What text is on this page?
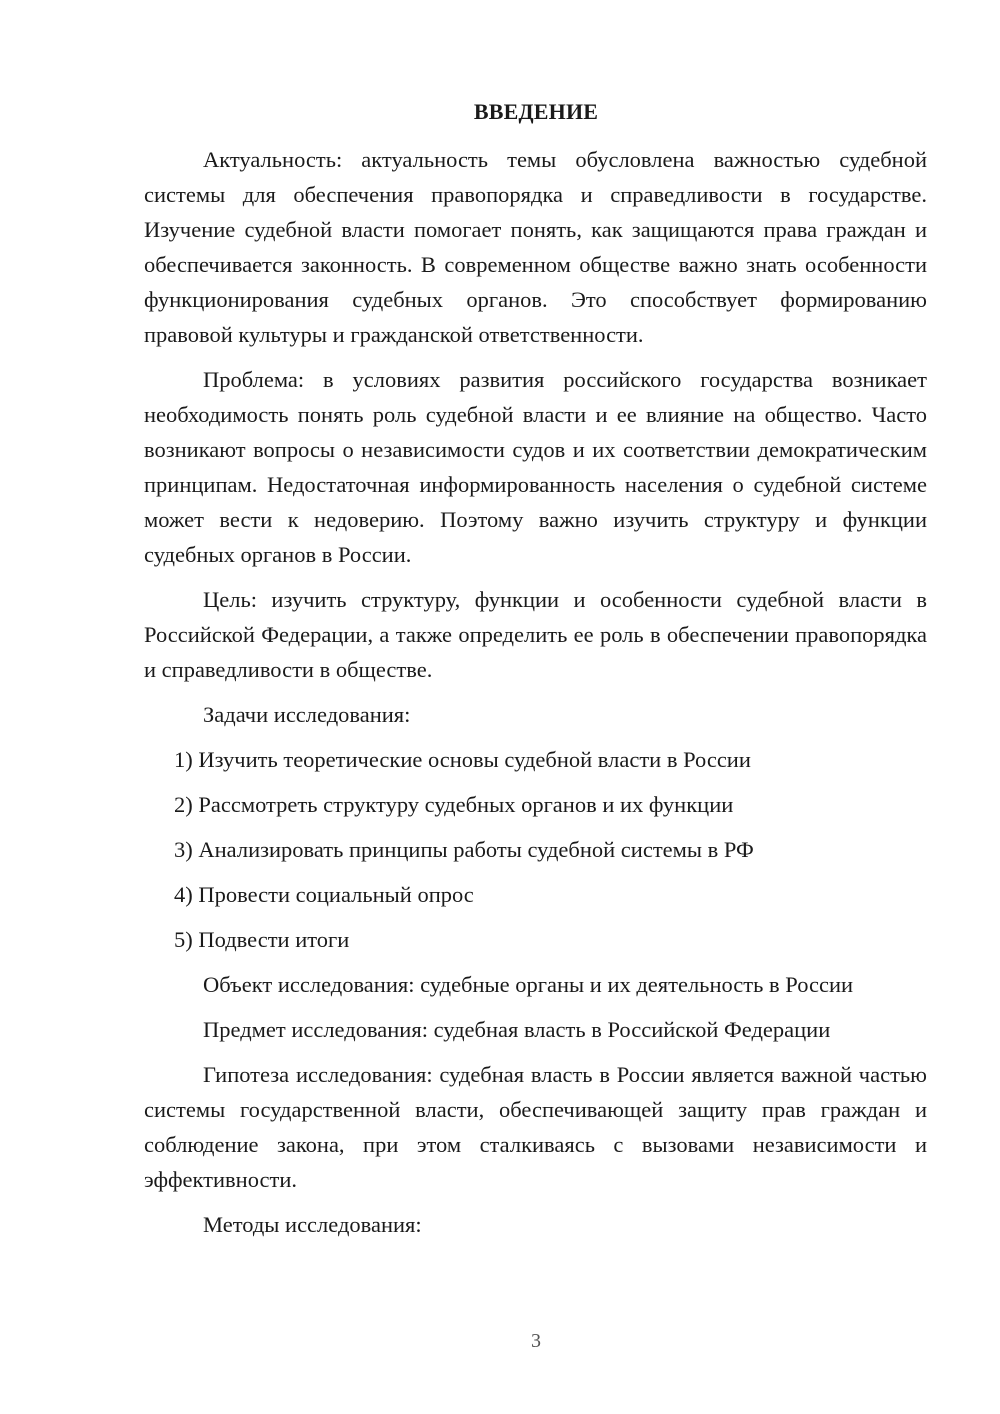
ВВЕДЕНИЕ

Актуальность: актуальность темы обусловлена важностью судебной системы для обеспечения правопорядка и справедливости в государстве. Изучение судебной власти помогает понять, как защищаются права граждан и обеспечивается законность. В современном обществе важно знать особенности функционирования судебных органов. Это способствует формированию правовой культуры и гражданской ответственности.

Проблема: в условиях развития российского государства возникает необходимость понять роль судебной власти и ее влияние на общество. Часто возникают вопросы о независимости судов и их соответствии демократическим принципам. Недостаточная информированность населения о судебной системе может вести к недоверию. Поэтому важно изучить структуру и функции судебных органов в России.

Цель: изучить структуру, функции и особенности судебной власти в Российской Федерации, а также определить ее роль в обеспечении правопорядка и справедливости в обществе.

Задачи исследования:

1) Изучить теоретические основы судебной власти в России

2) Рассмотреть структуру судебных органов и их функции

3) Анализировать принципы работы судебной системы в РФ

4) Провести социальный опрос

5) Подвести итоги

Объект исследования: судебные органы и их деятельность в России

Предмет исследования: судебная власть в Российской Федерации

Гипотеза исследования: судебная власть в России является важной частью системы государственной власти, обеспечивающей защиту прав граждан и соблюдение закона, при этом сталкиваясь с вызовами независимости и эффективности.

Методы исследования:

3
